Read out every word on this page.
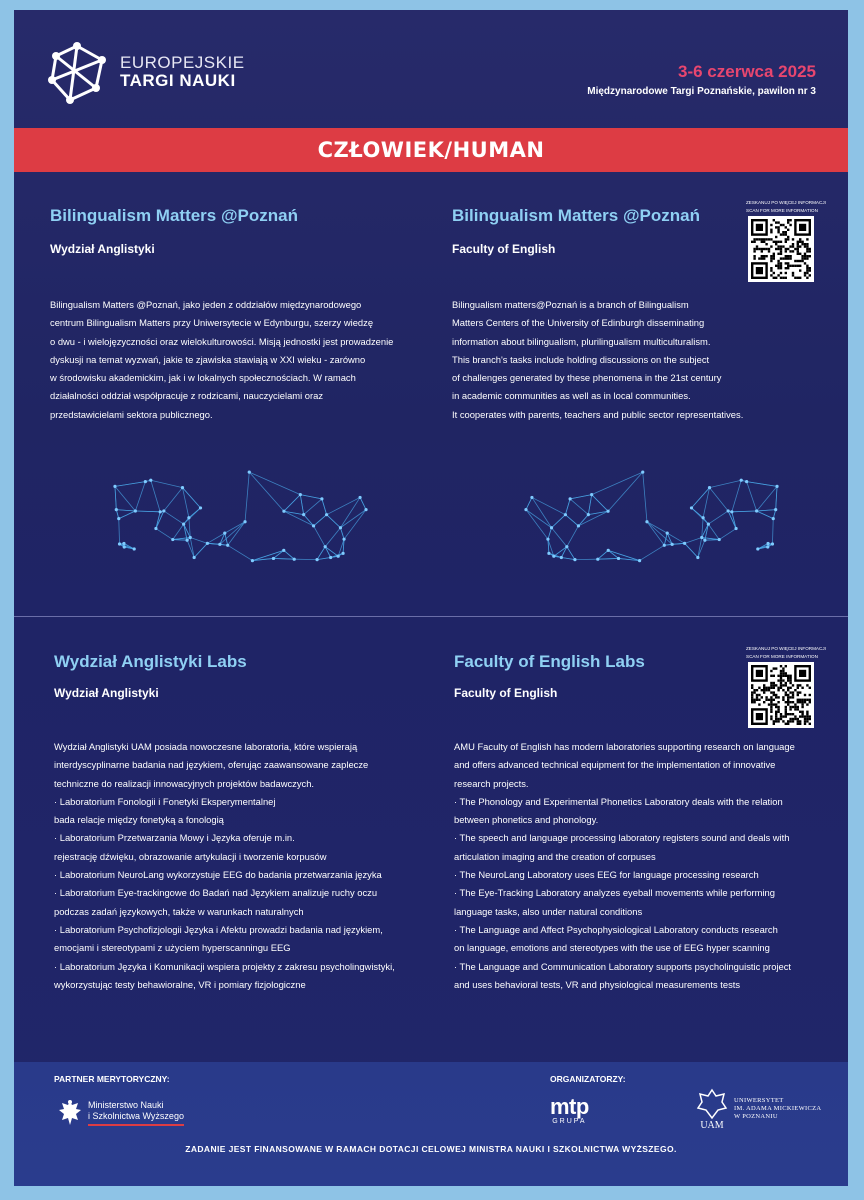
EUROPEJSKIE
TARGI NAUKI	3-6 czerwca 2025
Międzynarodowe Targi Poznańskie, pawilon nr 3
CZŁOWIEK/HUMAN
Bilingualism Matters @Poznań
Wydział Anglistyki
Bilingualism Matters @Poznań, jako jeden z oddziałów międzynarodowego
centrum Bilingualism Matters przy Uniwersytecie w Edynburgu, szerzy wiedzę
o dwu - i wielojęzyczności oraz wielokulturowości. Misją jednostki jest prowadzenie
dyskusji na temat wyzwań, jakie te zjawiska stawiają w XXI wieku - zarówno
w środowisku akademickim, jak i w lokalnych społecznościach. W ramach
działalności oddział współpracuje z rodzicami, nauczycielami oraz
przedstawicielami sektora publicznego.
Bilingualism Matters @Poznań
Faculty of English
Bilingualism matters@Poznań is a branch of Bilingualism
Matters Centers of the University of Edinburgh disseminating
information about bilingualism, plurilingualism multiculturalism.
This branch's tasks include holding discussions on the subject
of challenges generated by these phenomena in the 21st century
in academic communities as well as in local communities.
It cooperates with parents, teachers and public sector representatives.
ZESKANUJ PO WIĘCEJ INFORMACJI
SCAN FOR MORE INFORMATION
Wydział Anglistyki Labs
Wydział Anglistyki
Wydział Anglistyki UAM posiada nowoczesne laboratoria, które wspierają
interdyscyplinarne badania nad językiem, oferując zaawansowane zaplecze
techniczne do realizacji innowacyjnych projektów badawczych.
· Laboratorium Fonologii i Fonetyki Eksperymentalnej
bada relacje między fonetyką a fonologią
· Laboratorium Przetwarzania Mowy i Języka oferuje m.in.
rejestrację dźwięku, obrazowanie artykulacji i tworzenie korpusów
· Laboratorium NeuroLang wykorzystuje EEG do badania przetwarzania języka
· Laboratorium Eye-trackingowe do Badań nad Językiem analizuje ruchy oczu
podczas zadań językowych, także w warunkach naturalnych
· Laboratorium Psychofizjologii Języka i Afektu prowadzi badania nad językiem,
emocjami i stereotypami z użyciem hyperscanningu EEG
· Laboratorium Języka i Komunikacji wspiera projekty z zakresu psycholingwistyki,
wykorzystując testy behawioralne, VR i pomiary fizjologiczne
Faculty of English Labs
Faculty of English
AMU Faculty of English has modern laboratories supporting research on language
and offers advanced technical equipment for the implementation of innovative
research projects.
· The Phonology and Experimental Phonetics Laboratory deals with the relation
between phonetics and phonology.
· The speech and language processing laboratory registers sound and deals with
articulation imaging and the creation of corpuses
· The NeuroLang Laboratory uses EEG for language processing research
· The Eye-Tracking Laboratory analyzes eyeball movements while performing
language tasks, also under natural conditions
· The Language and Affect Psychophysiological Laboratory conducts research
on language, emotions and stereotypes with the use of EEG hyper scanning
· The Language and Communication Laboratory supports psycholinguistic project
and uses behavioral tests, VR and physiological measurements tests
ZESKANUJ PO WIĘCEJ INFORMACJI
SCAN FOR MORE INFORMATION
PARTNER MERYTORYCZNY:
Ministerstwo Nauki
i Szkolnictwa Wyższego
ORGANIZATORZY:
mtp
GRUPA	UAM
UNIWERSYTET
IM. ADAMA MICKIEWICZA
W POZNANIU
ZADANIE JEST FINANSOWANE W RAMACH DOTACJI CELOWEJ MINISTRA NAUKI I SZKOLNICTWA WYŻSZEGO.
